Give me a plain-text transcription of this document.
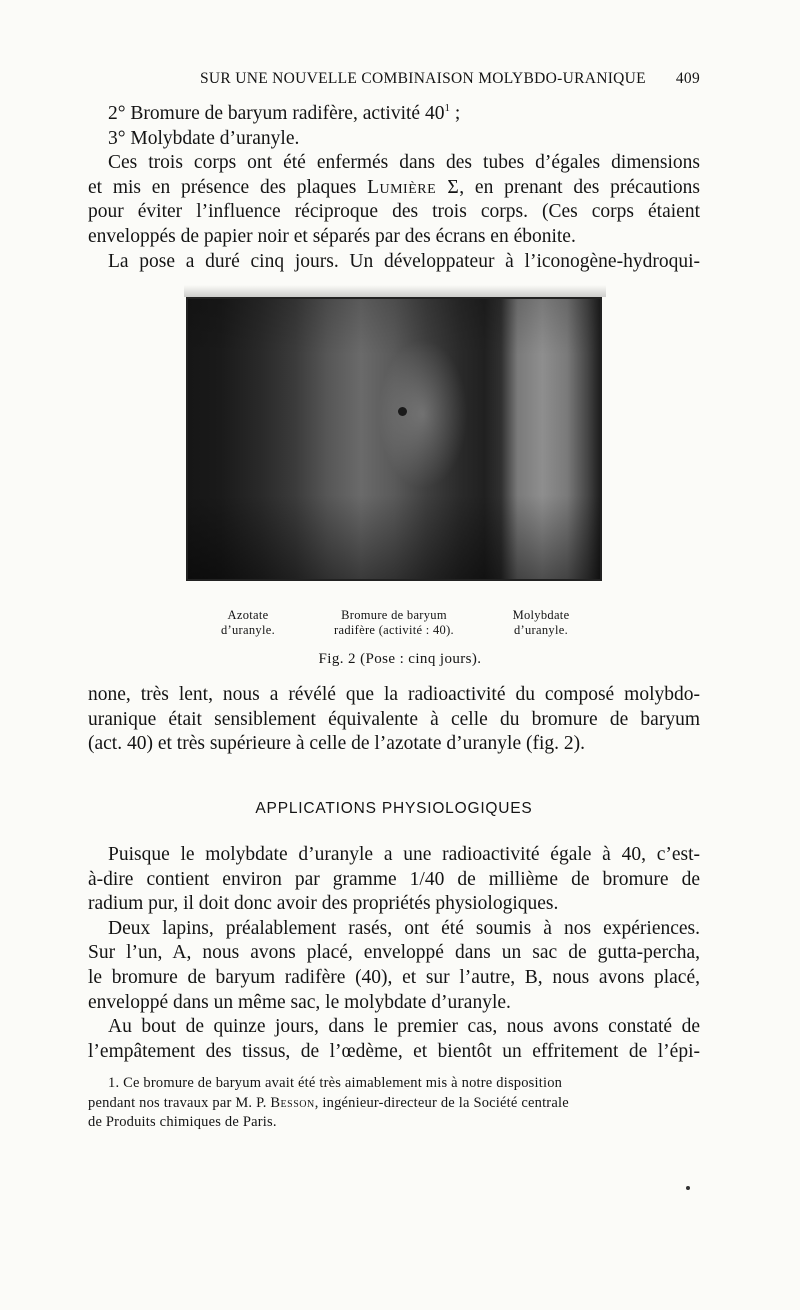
SUR UNE NOUVELLE COMBINAISON MOLYBDO-URANIQUE 409
2° Bromure de baryum radifère, activité $40^1$ ;
3° Molybdate d’uranyle.
Ces trois corps ont été enfermés dans des tubes d’égales dimensions
et mis en présence des plaques Lumière Σ, en prenant des précautions
pour éviter l’influence réciproque des trois corps. (Ces corps étaient
enveloppés de papier noir et séparés par des écrans en ébonite.
La pose a duré cinq jours. Un développateur à l’iconogène-hydroqui-
Azotate
d’uranyle.
Bromure de baryum
radifère (activité : 40).
Molybdate
d’uranyle.
Fig. 2 (Pose : cinq jours).
none, très lent, nous a révélé que la radioactivité du composé molybdo-
uranique était sensiblement équivalente à celle du bromure de baryum
(act. 40) et très supérieure à celle de l’azotate d’uranyle (fig. 2).
APPLICATIONS PHYSIOLOGIQUES
Puisque le molybdate d’uranyle a une radioactivité égale à 40, c’est-
à-dire contient environ par gramme 1/40 de millième de bromure de
radium pur, il doit donc avoir des propriétés physiologiques.
Deux lapins, préalablement rasés, ont été soumis à nos expériences.
Sur l’un, A, nous avons placé, enveloppé dans un sac de gutta-percha,
le bromure de baryum radifère (40), et sur l’autre, B, nous avons placé,
enveloppé dans un même sac, le molybdate d’uranyle.
Au bout de quinze jours, dans le premier cas, nous avons constaté de
l’empâtement des tissus, de l’œdème, et bientôt un effritement de l’épi-
1. Ce bromure de baryum avait été très aimablement mis à notre disposition
pendant nos travaux par M. P. Besson, ingénieur-directeur de la Société centrale
de Produits chimiques de Paris.
